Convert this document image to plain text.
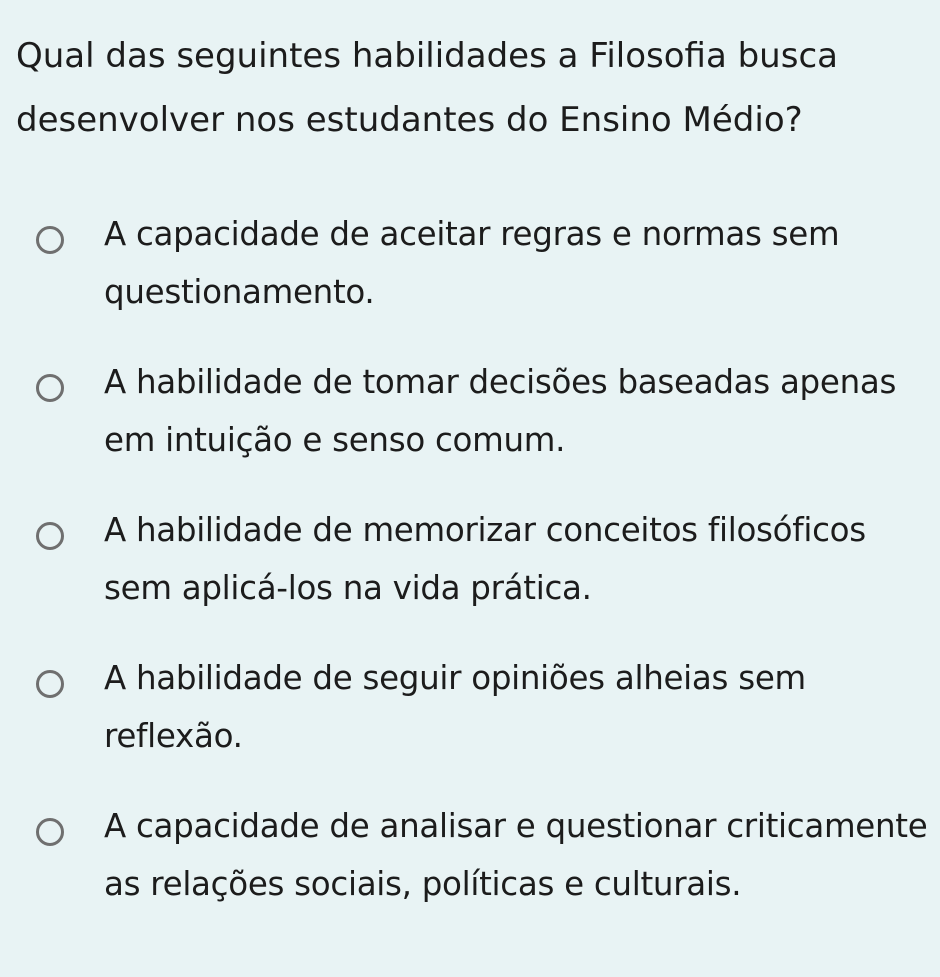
Qual das seguintes habilidades a Filosofia busca desenvolver nos estudantes do Ensino Médio?
A capacidade de aceitar regras e normas sem questionamento.
A habilidade de tomar decisões baseadas apenas em intuição e senso comum.
A habilidade de memorizar conceitos filosóficos sem aplicá-los na vida prática.
A habilidade de seguir opiniões alheias sem reflexão.
A capacidade de analisar e questionar criticamente as relações sociais, políticas e culturais.
